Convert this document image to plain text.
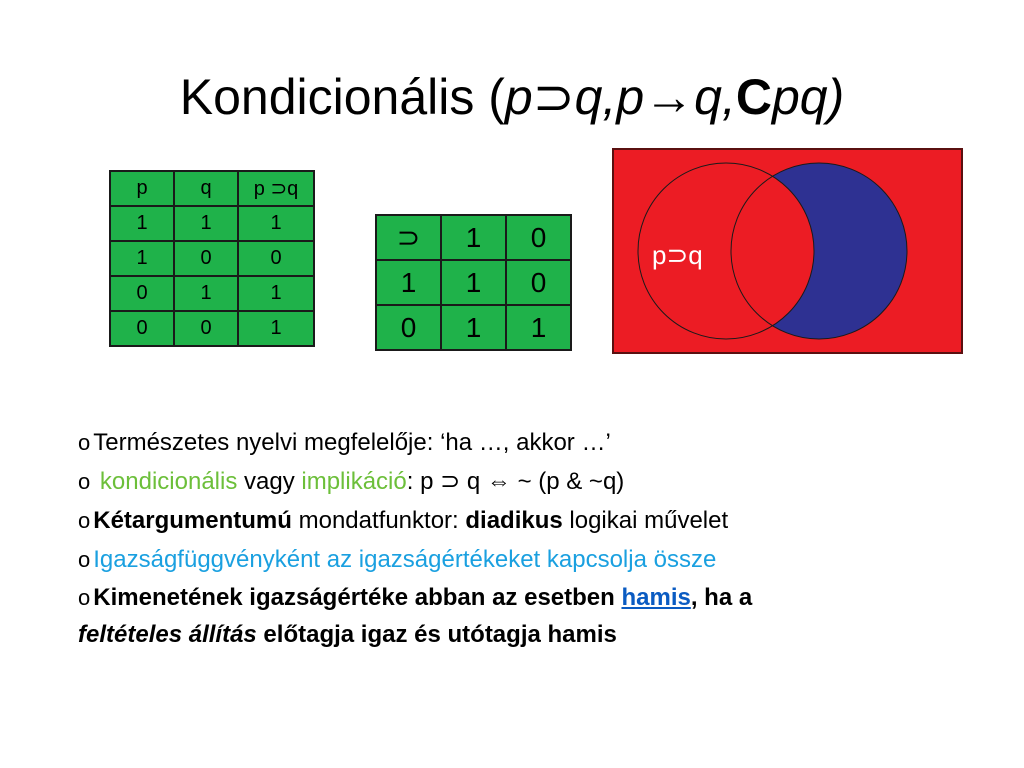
Kondicionális (p⊃q,p→q,Cpq)
p	q	p ⊃q
1	1	1
1	0	0
0	1	1
0	0	1
⊃	1	0
1	1	0
0	1	1
p⊃q
o Természetes nyelvi megfelelője: ‘ha …, akkor …’
o kondicionális vagy implikáció: p ⊃ q ⇔ ~ (p & ~q)
o Kétargumentumú mondatfunktor: diadikus logikai művelet
o Igazságfüggvényként az igazságértékeket kapcsolja össze
o Kimenetének igazságértéke abban az esetben hamis, ha a
feltételes állítás előtagja igaz és utótagja hamis
